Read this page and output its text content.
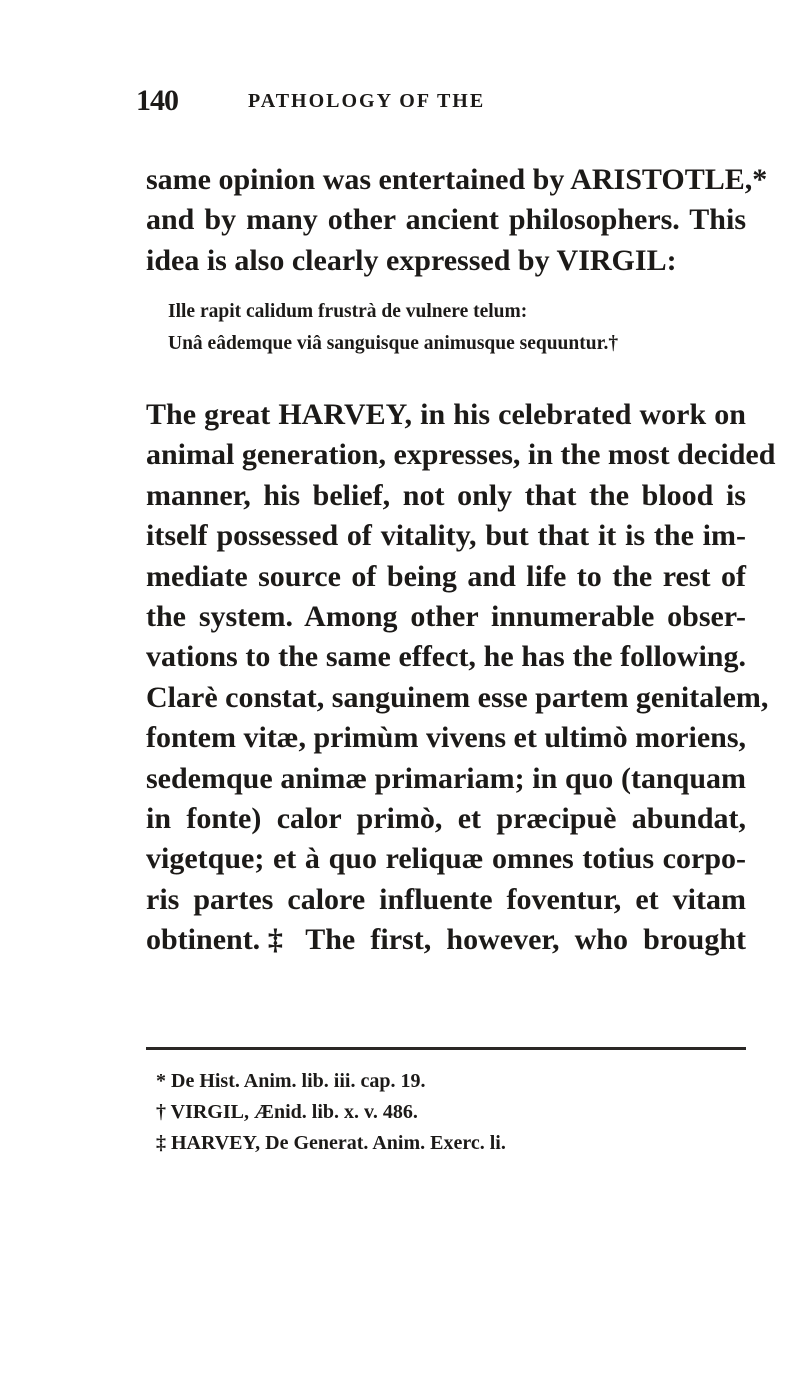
140	PATHOLOGY OF THE
same opinion was entertained by ARISTOTLE,*
and by many other ancient philosophers. This
idea is also clearly expressed by VIRGIL:
Ille rapit calidum frustrà de vulnere telum:
Unâ eâdemque viâ sanguisque animusque sequuntur.†
The great HARVEY, in his celebrated work on
animal generation, expresses, in the most decided
manner, his belief, not only that the blood is
itself possessed of vitality, but that it is the im-
mediate source of being and life to the rest of
the system. Among other innumerable obser-
vations to the same effect, he has the following.
Clarè constat, sanguinem esse partem genitalem,
fontem vitæ, primùm vivens et ultimò moriens,
sedemque animæ primariam; in quo (tanquam
in fonte) calor primò, et præcipuè abundat,
vigetque; et à quo reliquæ omnes totius corpo-
ris partes calore influente foventur, et vitam
obtinent.‡ The first, however, who brought
* De Hist. Anim. lib. iii. cap. 19.
† VIRGIL, Ænid. lib. x. v. 486.
‡ HARVEY, De Generat. Anim. Exerc. li.
